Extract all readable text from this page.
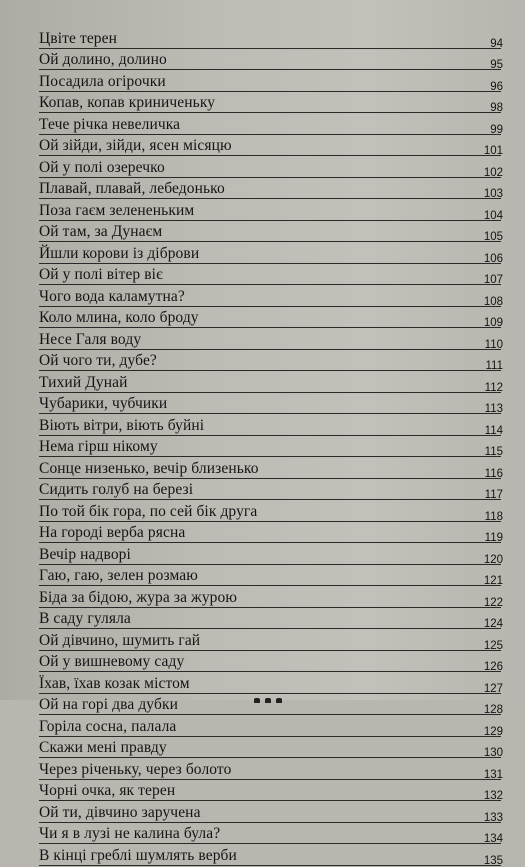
Цвіте терен	94
Ой долино, долино	95
Посадила огірочки	96
Копав, копав криниченьку	98
Тече річка невеличка	99
Ой зійди, зійди, ясен місяцю	101
Ой у полі озеречко	102
Плавай, плавай, лебедонько	103
Поза гаєм зелененьким	104
Ой там, за Дунаєм	105
Йшли корови із діброви	106
Ой у полі вітер віє	107
Чого вода каламутна?	108
Коло млина, коло броду	109
Несе Галя воду	110
Ой чого ти, дубе?	111
Тихий Дунай	112
Чубарики, чубчики	113
Віють вітри, віють буйні	114
Нема гірш нікому	115
Сонце низенько, вечір близенько	116
Сидить голуб на березі	117
По той бік гора, по сей бік друга	118
На городі верба рясна	119
Вечір надворі	120
Гаю, гаю, зелен розмаю	121
Біда за бідою, жура за журою	122
В саду гуляла	124
Ой дівчино, шумить гай	125
Ой у вишневому саду	126
Їхав, їхав козак містом	127
Ой на горі два дубки	128
Горіла сосна, палала	129
Скажи мені правду	130
Через річеньку, через болото	131
Чорні очка, як терен	132
Ой ти, дівчино заручена	133
Чи я в лузі не калина була?	134
В кінці греблі шумлять верби	135
